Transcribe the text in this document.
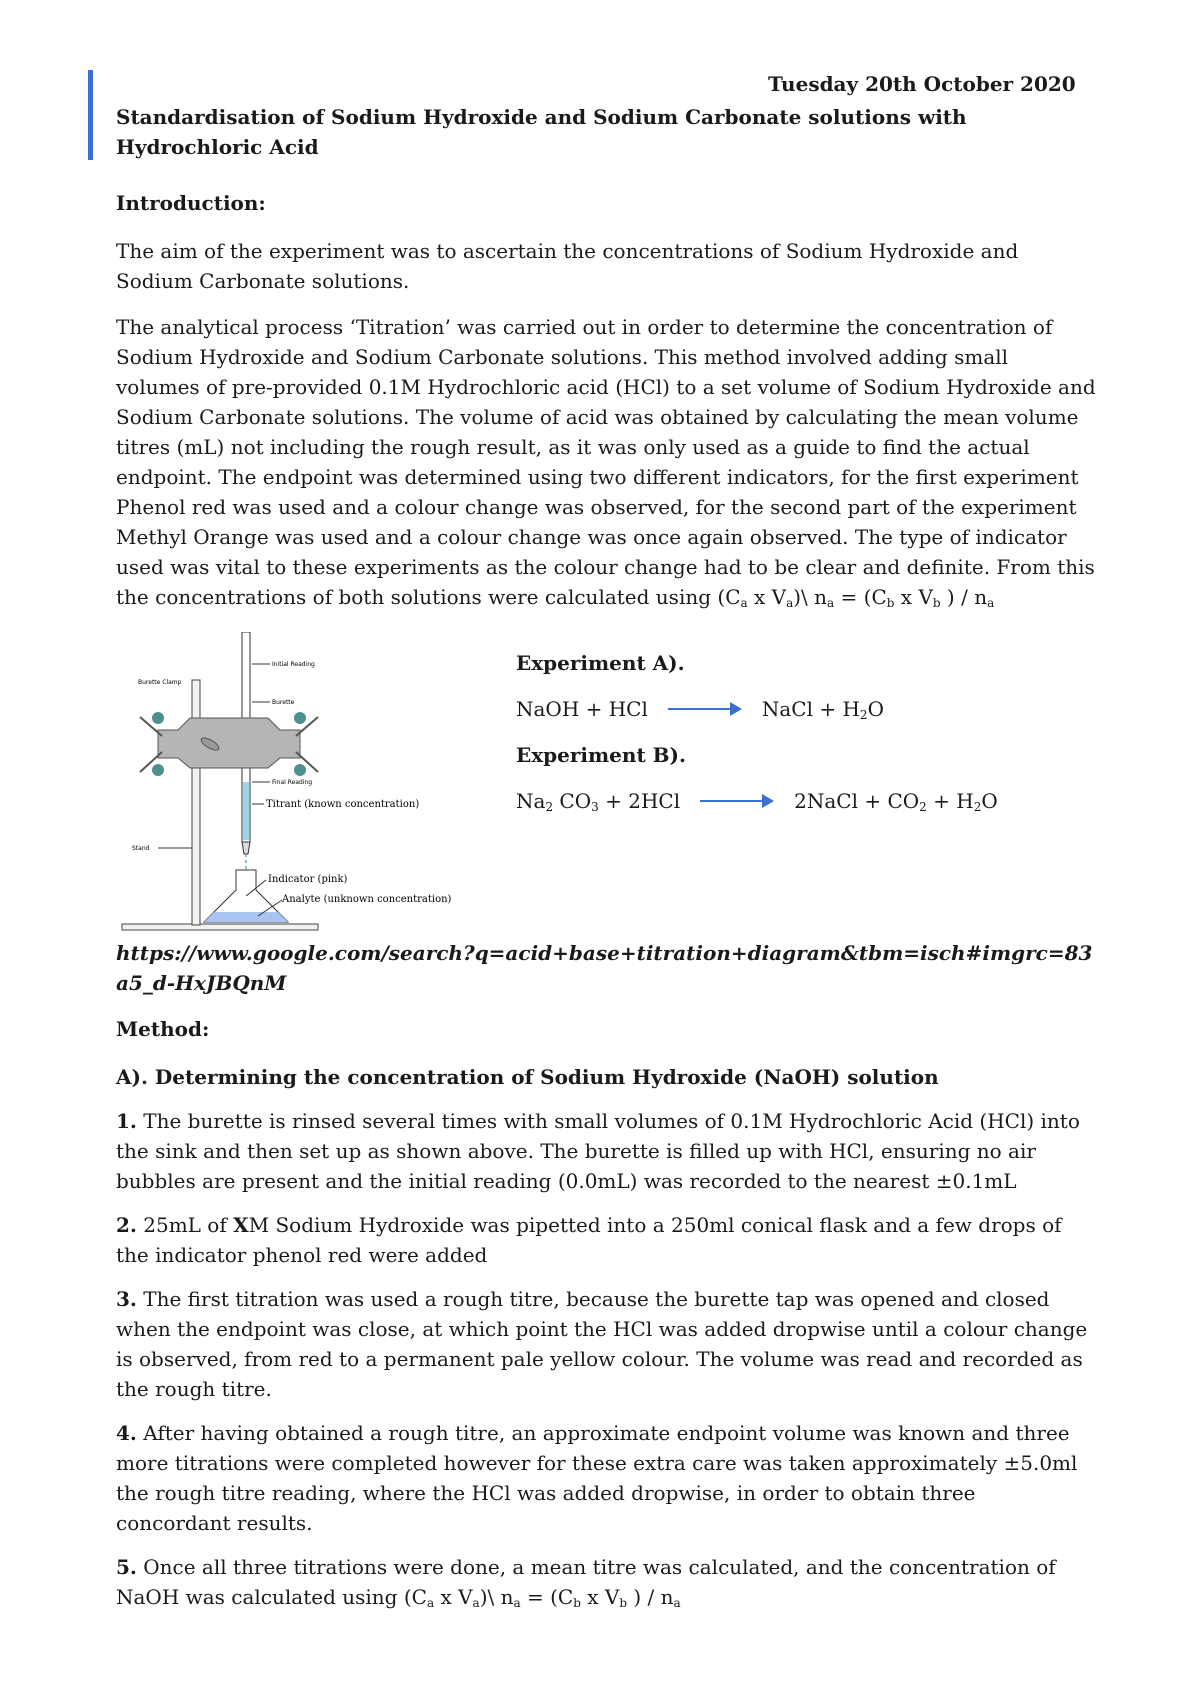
Tuesday 20th October 2020
Standardisation of Sodium Hydroxide and Sodium Carbonate solutions with Hydrochloric Acid
Introduction:

The aim of the experiment was to ascertain the concentrations of Sodium Hydroxide and Sodium Carbonate solutions.

The analytical process ‘Titration’ was carried out in order to determine the concentration of Sodium Hydroxide and Sodium Carbonate solutions. This method involved adding small volumes of pre-provided 0.1M Hydrochloric acid (HCl) to a set volume of Sodium Hydroxide and Sodium Carbonate solutions. The volume of acid was obtained by calculating the mean volume titres (mL) not including the rough result, as it was only used as a guide to find the actual endpoint. The endpoint was determined using two different indicators, for the first experiment Phenol red was used and a colour change was observed, for the second part of the experiment Methyl Orange was used and a colour change was once again observed. The type of indicator used was vital to these experiments as the colour change had to be clear and definite. From this the concentrations of both solutions were calculated using ($C_a$ x $V_a)\backslash$ $n_a = (C_b$ x $V_b$ ) / $n_a$

Burette Clamp
Initial Reading
Burette
Final Reading
Titrant (known concentration)
Stand
Indicator (pink)
Analyte (unknown concentration)
Experiment A).
NaOH + HCl → NaCl + $H_2O$
Experiment B).
$Na_2$ $CO_3 + 2HCl$ → 2NaCl + $CO_2 + H_2O$
https://www.google.com/search?q=acid+base+titration+diagram&tbm=isch#imgrc=83a5_d-HxJBQnM
Method:

A). Determining the concentration of Sodium Hydroxide (NaOH) solution

1. The burette is rinsed several times with small volumes of 0.1M Hydrochloric Acid (HCl) into the sink and then set up as shown above. The burette is filled up with HCl, ensuring no air bubbles are present and the initial reading (0.0mL) was recorded to the nearest ±0.1mL

2. 25mL of XM Sodium Hydroxide was pipetted into a 250ml conical flask and a few drops of the indicator phenol red were added

3. The first titration was used a rough titre, because the burette tap was opened and closed when the endpoint was close, at which point the HCl was added dropwise until a colour change is observed, from red to a permanent pale yellow colour. The volume was read and recorded as the rough titre.

4. After having obtained a rough titre, an approximate endpoint volume was known and three more titrations were completed however for these extra care was taken approximately ±5.0ml the rough titre reading, where the HCl was added dropwise, in order to obtain three concordant results.

5. Once all three titrations were done, a mean titre was calculated, and the concentration of NaOH was calculated using ($C_a$ x $V_a)\backslash$ $n_a = (C_b$ x $V_b$ ) / $n_a$
